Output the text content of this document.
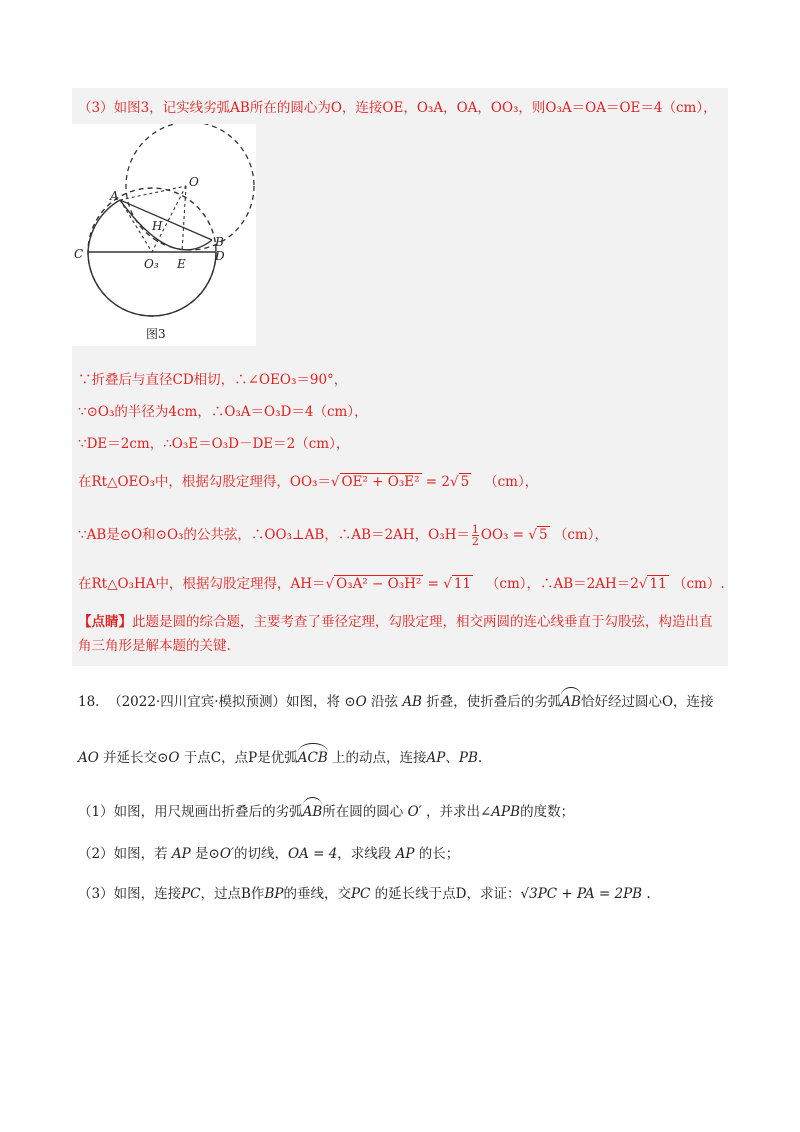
（3）如图3，记实线劣弧AB所在的圆心为O，连接OE，O₃A，OA，OO₃，则O₃A＝OA＝OE＝4（cm），
A
O
H
C
O₃ E
B
D
图3
∵折叠后与直径CD相切，∴∠OEO₃＝90°，
∵⊙O₃的半径为4cm，∴O₃A＝O₃D＝4（cm），
∵DE＝2cm，∴O₃E＝O₃D－DE＝2（cm），
在Rt△OEO₃中，根据勾股定理得，OO₃＝√ OE² + O₃E² = 2√ 5 （cm），
∵AB是⊙O和⊙O₃的公共弦，∴OO₃⊥AB，∴AB＝2AH，$O_3H= \frac{1}{2} OO_3$ = √ 5 （cm），
在Rt△O₃HA中，根据勾股定理得，AH＝√ O₃A² − O₃H² = √ 11 （cm），∴AB＝2AH＝2√ 11 （cm）.
【点睛】此题是圆的综合题，主要考查了垂径定理，勾股定理，相交两圆的连心线垂直于勾股弦，构造出直角三角形是解本题的关键.
18. （2022·四川宜宾·模拟预测）如图，将 ⊙O 沿弦 AB 折叠，使折叠后的劣弧AB恰好经过圆心O，连接
AO 并延长交⊙O 于点C，点P是优弧ACB 上的动点，连接AP、PB.
（1）如图，用尺规画出折叠后的劣弧AB所在圆的圆心 O′ ，并求出∠APB的度数；
（2）如图，若 AP 是⊙O′的切线，OA = 4，求线段 AP 的长；
（3）如图，连接PC，过点B作BP的垂线，交PC 的延长线于点D，求证：√3PC + PA = 2PB .
